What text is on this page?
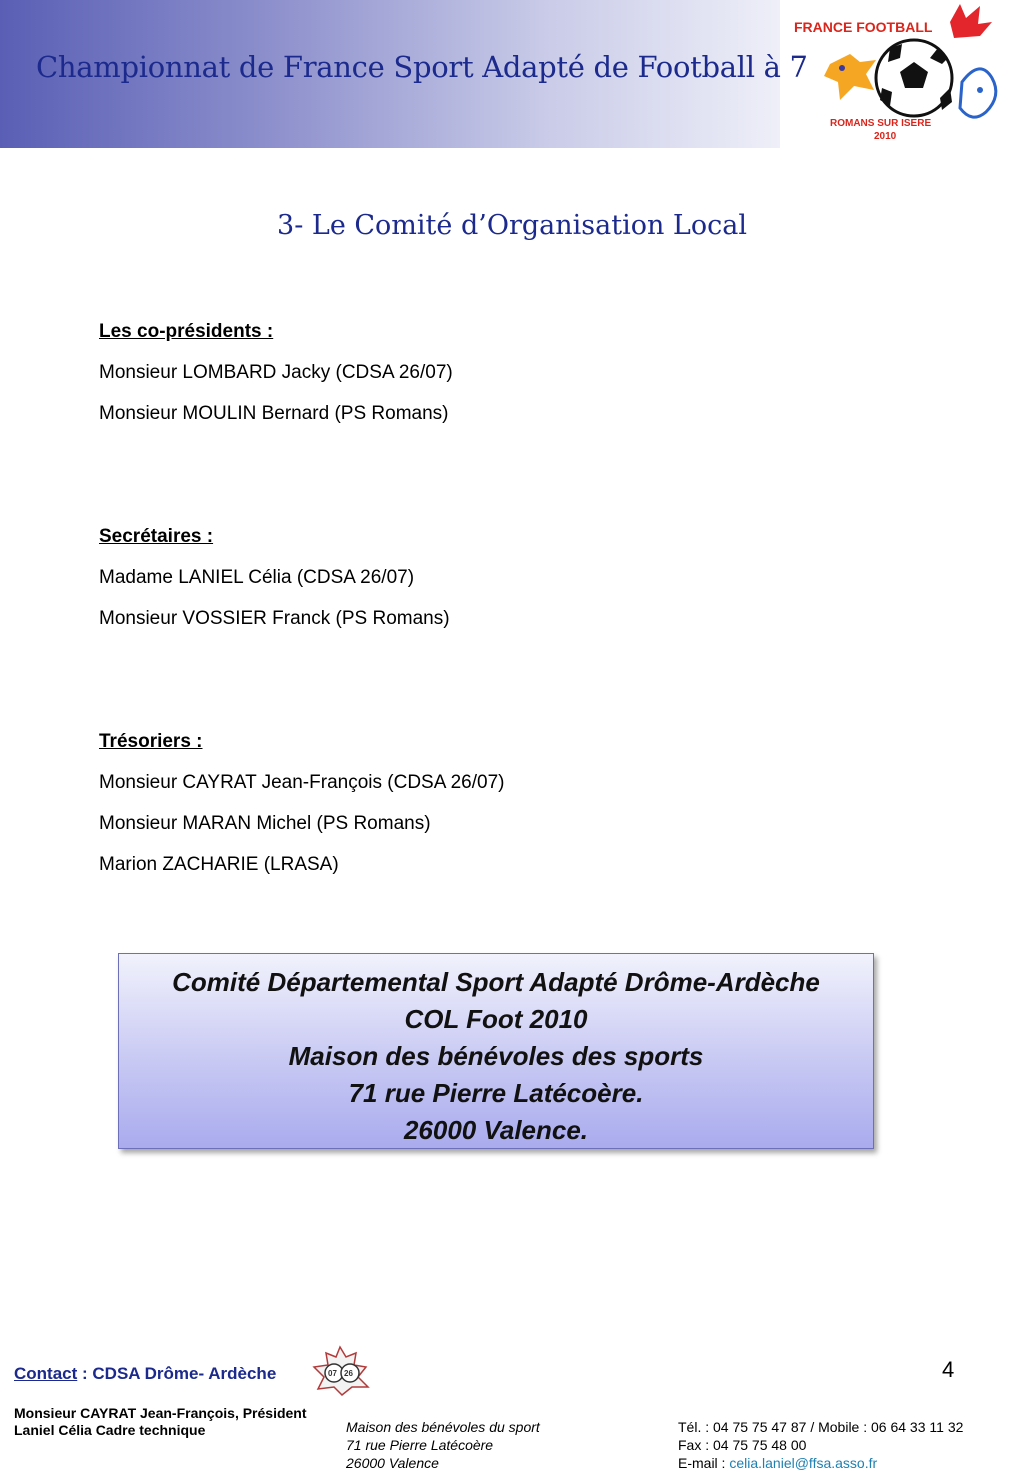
Championnat de France Sport Adapté de Football à 7
FRANCE FOOTBALL
ROMANS SUR ISERE
2010
3- Le Comité d’Organisation Local
Les co-présidents :
Monsieur LOMBARD Jacky (CDSA 26/07)
Monsieur MOULIN Bernard (PS Romans)
Secrétaires :
Madame LANIEL Célia (CDSA 26/07)
Monsieur VOSSIER Franck (PS Romans)
Trésoriers :
Monsieur CAYRAT Jean-François (CDSA 26/07)
Monsieur MARAN Michel (PS Romans)
Marion ZACHARIE (LRASA)
Comité Départemental Sport Adapté Drôme-Ardèche
COL Foot 2010
Maison des bénévoles des sports
71 rue Pierre Latécoère.
26000 Valence.
4
Contact : CDSA Drôme- Ardèche	07 26
Monsieur CAYRAT Jean-François, Président
Laniel Célia Cadre technique	Maison des bénévoles du sport
71 rue Pierre Latécoère
26000 Valence
Tél. : 04 75 75 47 87 / Mobile : 06 64 33 11 32
Fax : 04 75 75 48 00
E-mail : celia.laniel@ffsa.asso.fr
